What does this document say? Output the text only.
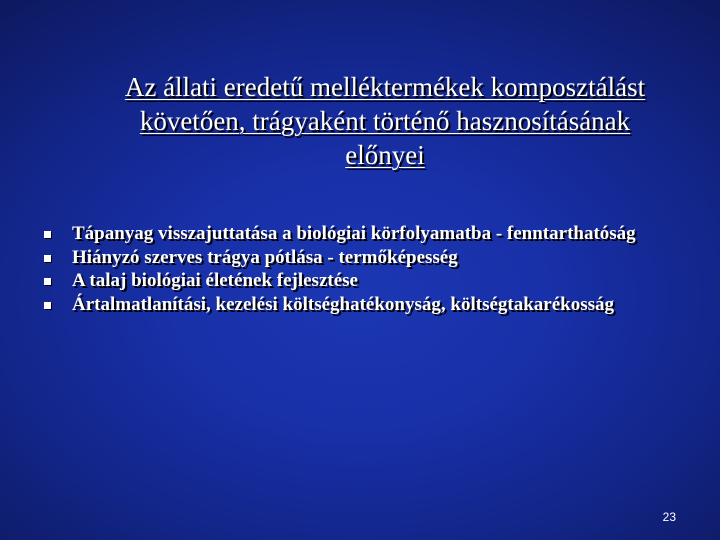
Az állati eredetű melléktermékek komposztálást követően, trágyaként történő hasznosításának előnyei
Tápanyag visszajuttatása a biológiai körfolyamatba - fenntarthatóság
Hiányzó szerves trágya pótlása - termőképesség
A talaj biológiai életének fejlesztése
Ártalmatlanítási, kezelési költséghatékonyság, költségtakarékosság
23
